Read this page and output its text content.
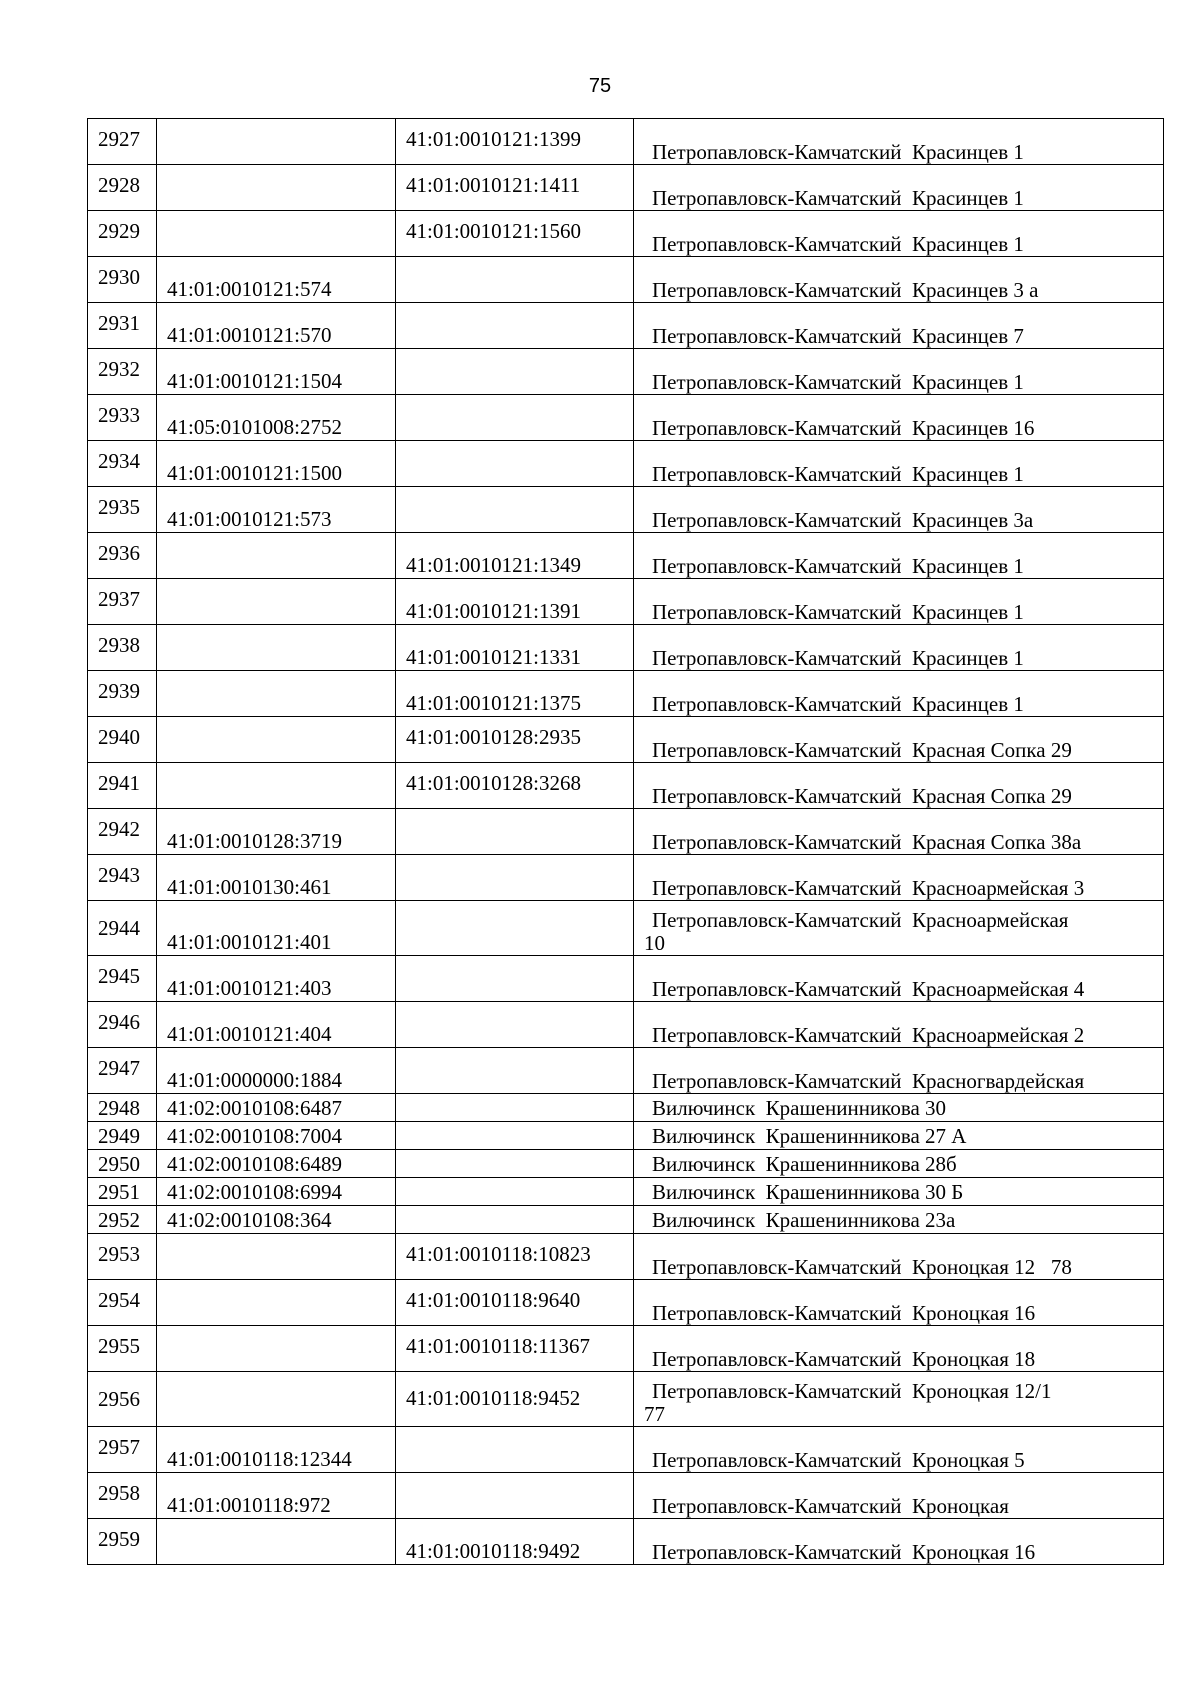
75
2927		41:01:0010121:1399	Петропавловск-Камчатский  Красинцев 1

2928		41:01:0010121:1411	Петропавловск-Камчатский  Красинцев 1

2929		41:01:0010121:1560	Петропавловск-Камчатский  Красинцев 1

2930	41:01:0010121:574		Петропавловск-Камчатский  Красинцев 3 а

2931	41:01:0010121:570		Петропавловск-Камчатский  Красинцев 7

2932	41:01:0010121:1504		Петропавловск-Камчатский  Красинцев 1

2933	41:05:0101008:2752		Петропавловск-Камчатский  Красинцев 16

2934	41:01:0010121:1500		Петропавловск-Камчатский  Красинцев 1

2935	41:01:0010121:573		Петропавловск-Камчатский  Красинцев 3а

2936		41:01:0010121:1349	Петропавловск-Камчатский  Красинцев 1

2937		41:01:0010121:1391	Петропавловск-Камчатский  Красинцев 1

2938		41:01:0010121:1331	Петропавловск-Камчатский  Красинцев 1

2939		41:01:0010121:1375	Петропавловск-Камчатский  Красинцев 1

2940		41:01:0010128:2935	Петропавловск-Камчатский  Красная Сопка 29

2941		41:01:0010128:3268	Петропавловск-Камчатский  Красная Сопка 29

2942	41:01:0010128:3719		Петропавловск-Камчатский  Красная Сопка 38а

2943	41:01:0010130:461		Петропавловск-Камчатский  Красноармейская 3

2944	41:01:0010121:401		Петропавловск-Камчатский  Красноармейская
10

2945	41:01:0010121:403		Петропавловск-Камчатский  Красноармейская 4

2946	41:01:0010121:404		Петропавловск-Камчатский  Красноармейская 2

2947	41:01:0000000:1884		Петропавловск-Камчатский  Красногвардейская

2948	41:02:0010108:6487		Вилючинск  Крашенинникова 30

2949	41:02:0010108:7004		Вилючинск  Крашенинникова 27 А

2950	41:02:0010108:6489		Вилючинск  Крашенинникова 28б

2951	41:02:0010108:6994		Вилючинск  Крашенинникова 30 Б

2952	41:02:0010108:364		Вилючинск  Крашенинникова 23а

2953		41:01:0010118:10823	Петропавловск-Камчатский  Кроноцкая 12   78

2954		41:01:0010118:9640	Петропавловск-Камчатский  Кроноцкая 16

2955		41:01:0010118:11367	Петропавловск-Камчатский  Кроноцкая 18

2956		41:01:0010118:9452	Петропавловск-Камчатский  Кроноцкая 12/1
77

2957	41:01:0010118:12344		Петропавловск-Камчатский  Кроноцкая 5

2958	41:01:0010118:972		Петропавловск-Камчатский  Кроноцкая

2959		41:01:0010118:9492	Петропавловск-Камчатский  Кроноцкая 16
